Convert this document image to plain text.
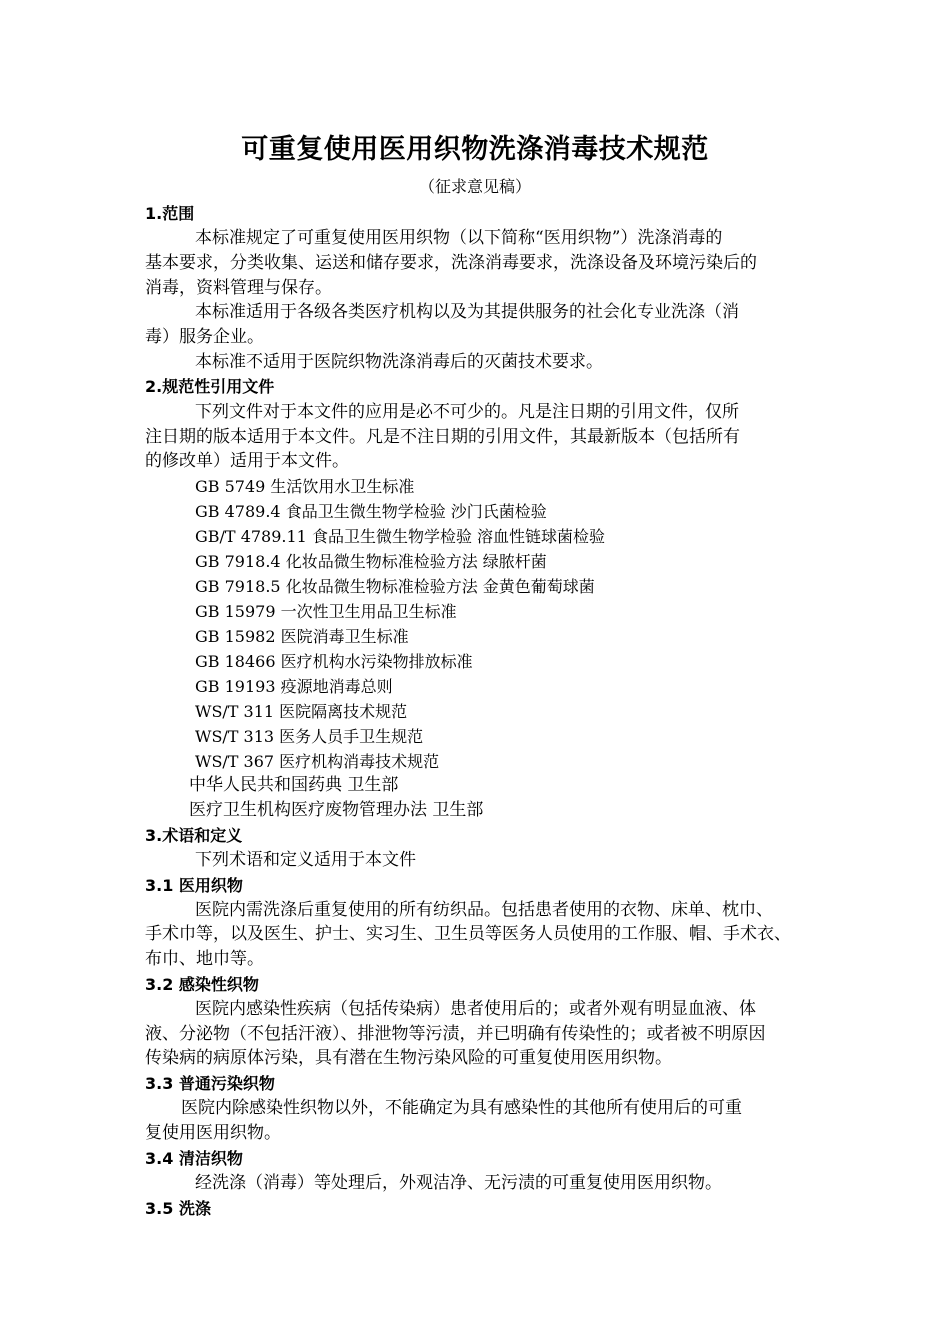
可重复使用医用织物洗涤消毒技术规范
（征求意见稿）
1.范围
本标准规定了可重复使用医用织物（以下简称“医用织物”）洗涤消毒的
基本要求，分类收集、运送和储存要求，洗涤消毒要求，洗涤设备及环境污染后的
消毒，资料管理与保存。
本标准适用于各级各类医疗机构以及为其提供服务的社会化专业洗涤（消
毒）服务企业。
本标准不适用于医院织物洗涤消毒后的灭菌技术要求。
2.规范性引用文件
下列文件对于本文件的应用是必不可少的。凡是注日期的引用文件，仅所
注日期的版本适用于本文件。凡是不注日期的引用文件，其最新版本（包括所有
的修改单）适用于本文件。
GB 5749 生活饮用水卫生标准
GB 4789.4 食品卫生微生物学检验 沙门氏菌检验
GB/T 4789.11 食品卫生微生物学检验 溶血性链球菌检验
GB 7918.4 化妆品微生物标准检验方法 绿脓杆菌
GB 7918.5 化妆品微生物标准检验方法 金黄色葡萄球菌
GB 15979 一次性卫生用品卫生标准
GB 15982 医院消毒卫生标准
GB 18466 医疗机构水污染物排放标准
GB 19193 疫源地消毒总则
WS/T 311 医院隔离技术规范
WS/T 313 医务人员手卫生规范
WS/T 367 医疗机构消毒技术规范
中华人民共和国药典 卫生部
医疗卫生机构医疗废物管理办法 卫生部
3.术语和定义
下列术语和定义适用于本文件
3.1 医用织物
医院内需洗涤后重复使用的所有纺织品。包括患者使用的衣物、床单、枕巾、
手术巾等，以及医生、护士、实习生、卫生员等医务人员使用的工作服、帽、手术衣、
布巾、地巾等。
3.2 感染性织物
医院内感染性疾病（包括传染病）患者使用后的；或者外观有明显血液、体
液、分泌物（不包括汗液）、排泄物等污渍，并已明确有传染性的；或者被不明原因
传染病的病原体污染，具有潜在生物污染风险的可重复使用医用织物。
3.3 普通污染织物
医院内除感染性织物以外，不能确定为具有感染性的其他所有使用后的可重
复使用医用织物。
3.4 清洁织物
经洗涤（消毒）等处理后，外观洁净、无污渍的可重复使用医用织物。
3.5 洗涤
